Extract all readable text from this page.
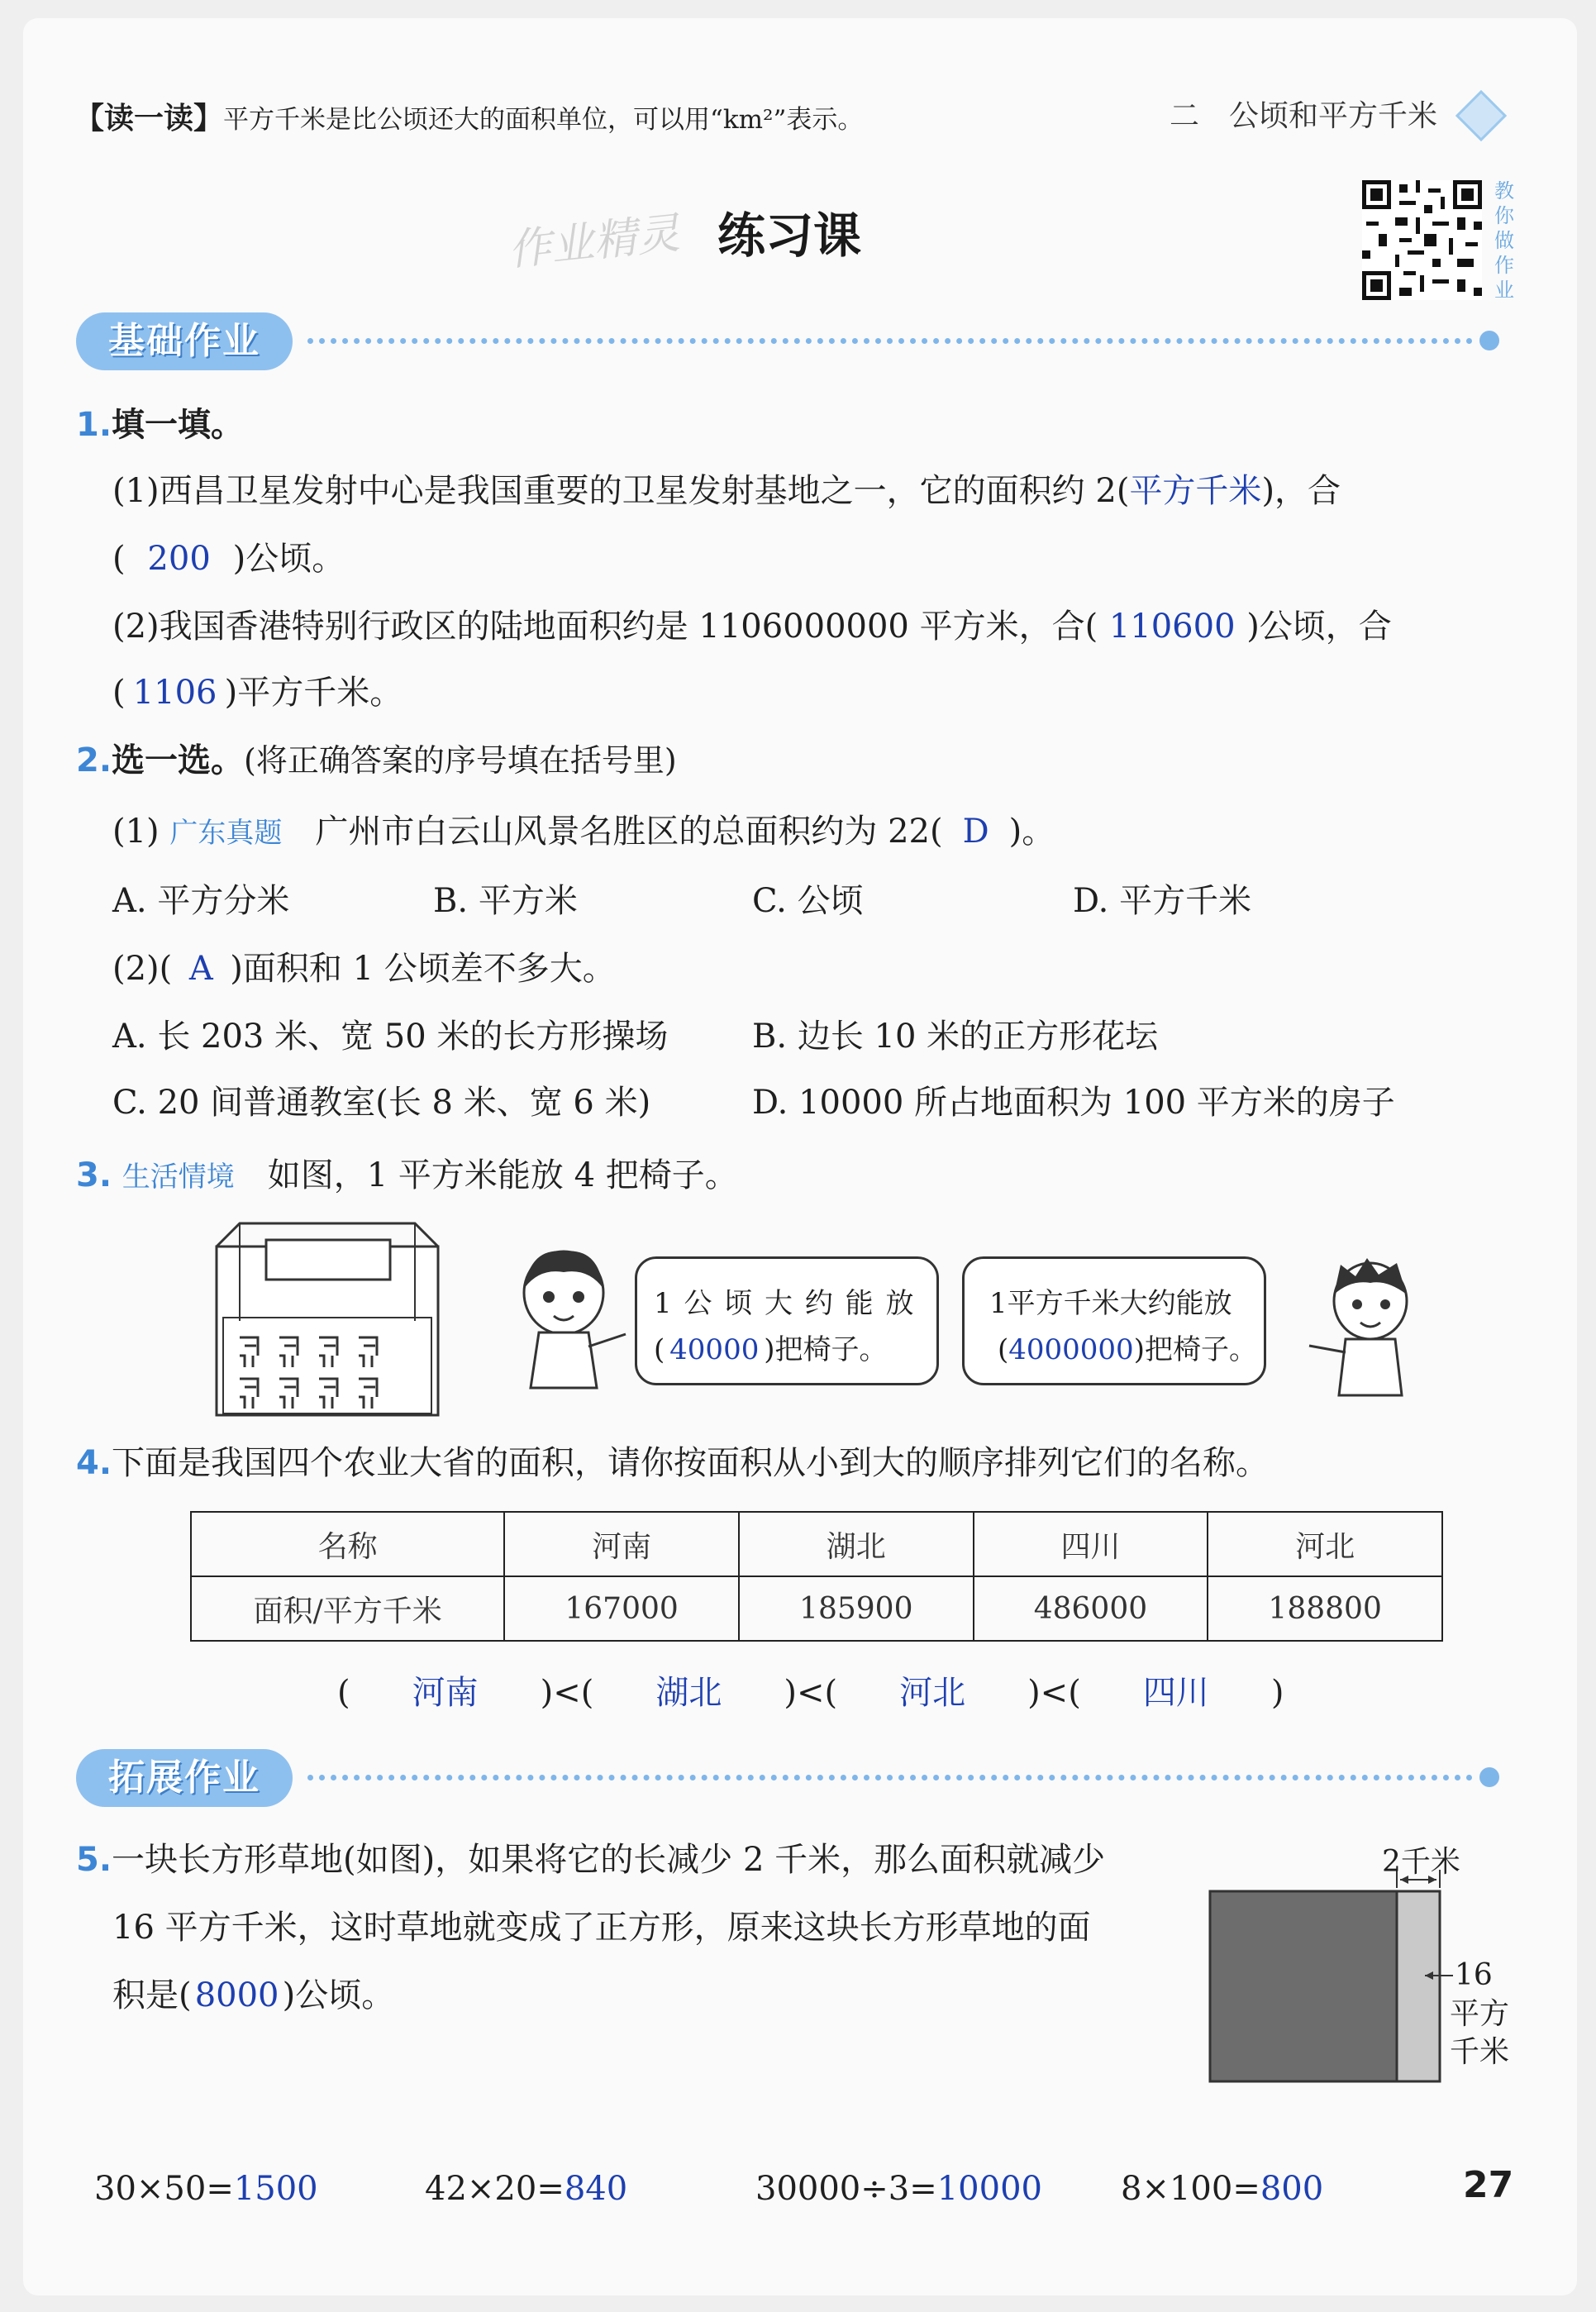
【读一读】平方千米是比公顷还大的面积单位，可以用“km²”表示。	二　公顷和平方千米
作业精灵 练习课
教你做作业
基础作业
1.填一填。
(1)西昌卫星发射中心是我国重要的卫星发射基地之一，它的面积约 2(平方千米)，合
( 200 )公顷。
(2)我国香港特别行政区的陆地面积约是 1106000000 平方米，合( 110600 )公顷，合
( 1106 )平方千米。
2.选一选。(将正确答案的序号填在括号里)
(1) 广东真题　 广州市白云山风景名胜区的总面积约为 22( D )。
A. 平方分米	B. 平方米	C. 公顷	D. 平方千米
(2)( A )面积和 1 公顷差不多大。
A. 长 203 米、宽 50 米的长方形操场	B. 边长 10 米的正方形花坛
C. 20 间普通教室(长 8 米、宽 6 米)	D. 10000 所占地面积为 100 平方米的房子
3. 生活情境　 如图，1 平方米能放 4 把椅子。
1 公 顷 大 约 能 放
( 40000 )把椅子。
1平方千米大约能放
(4000000)把椅子。
4.下面是我国四个农业大省的面积，请你按面积从小到大的顺序排列它们的名称。
名称	河南	湖北	四川	河北
面积/平方千米	167000	185900	486000	188800
( 河南 )<( 湖北 )<( 河北 )<( 四川 )
拓展作业
5.一块长方形草地(如图)，如果将它的长减少 2 千米，那么面积就减少
16 平方千米，这时草地就变成了正方形，原来这块长方形草地的面
积是( 8000 )公顷。
2千米
16
平方
千米
30×50=1500	42×20=840	30000÷3=10000 8×100=800	27
